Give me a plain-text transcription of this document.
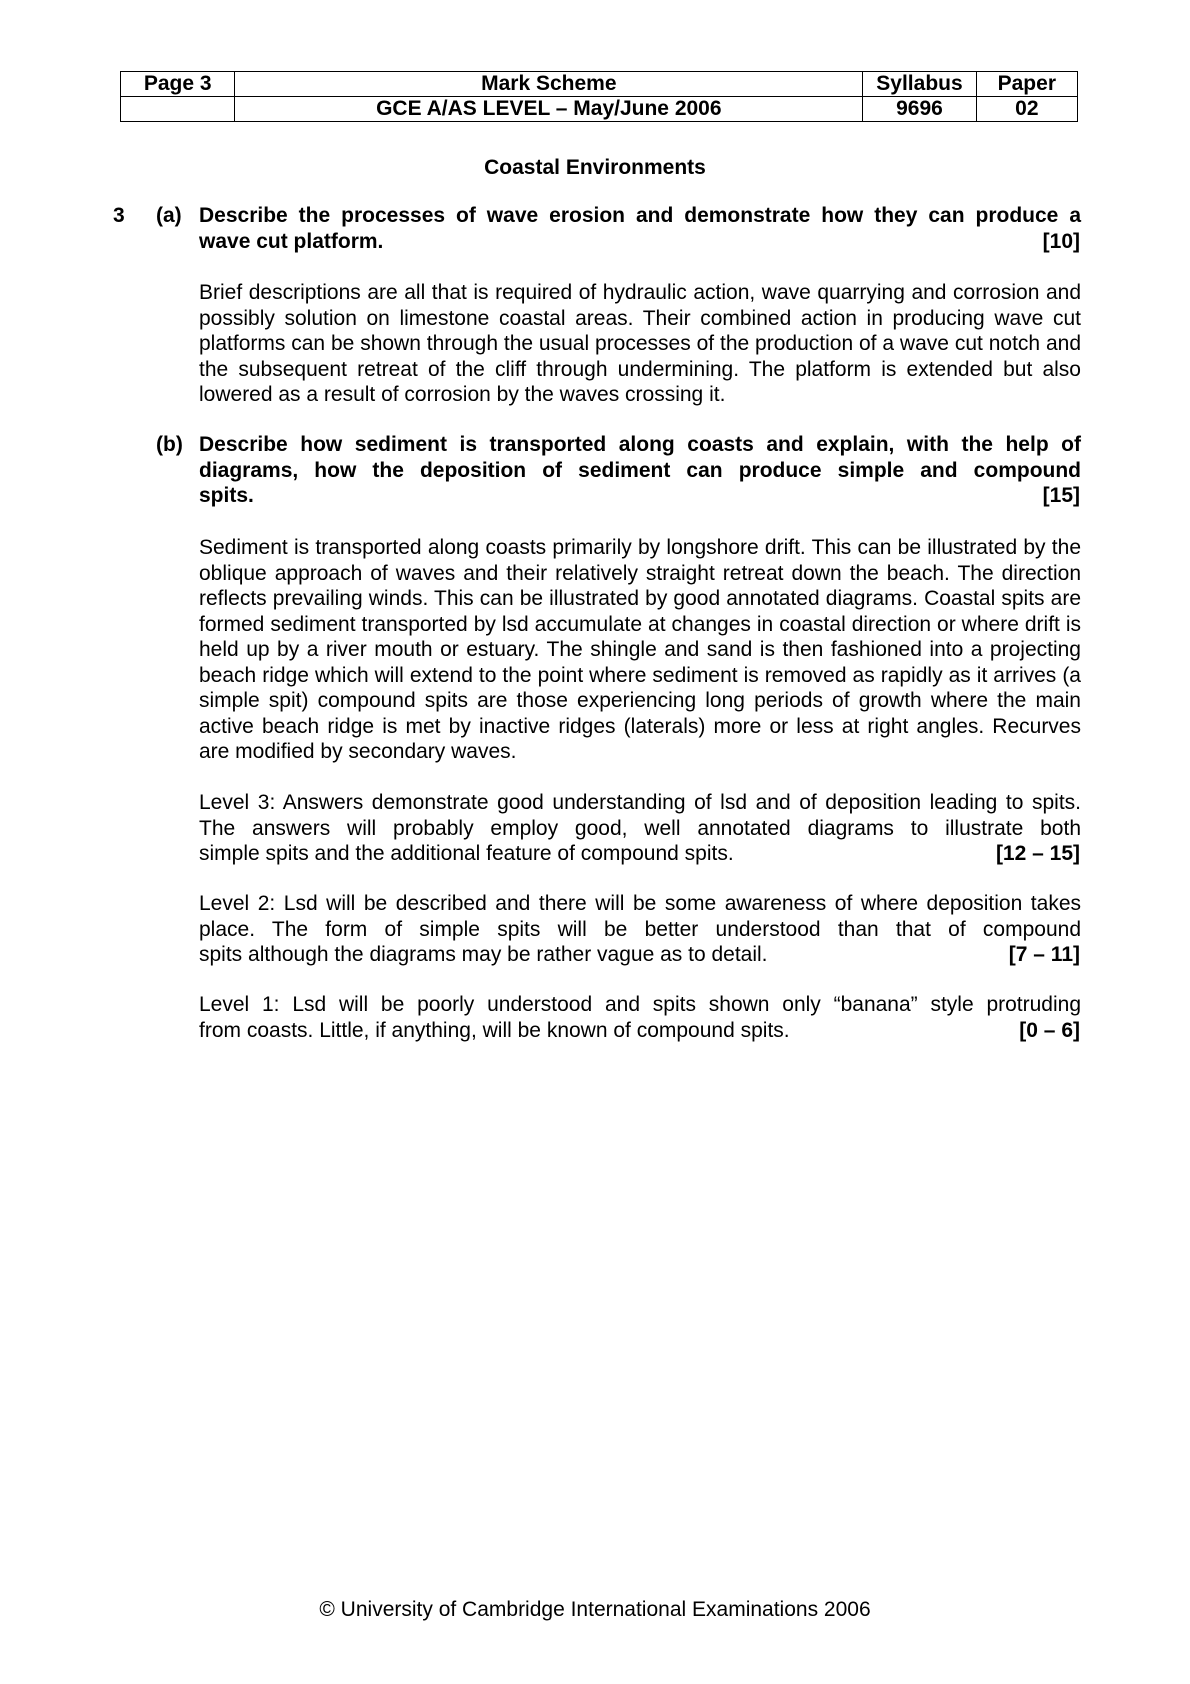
Page 3	Mark Scheme	Syllabus	Paper
	GCE A/AS LEVEL – May/June 2006	9696	02
Coastal Environments
3 (a) Describe the processes of wave erosion and demonstrate how they can produce a
wave cut platform.	[10]

Brief descriptions are all that is required of hydraulic action, wave quarrying and corrosion and possibly solution on limestone coastal areas. Their combined action in producing wave cut platforms can be shown through the usual processes of the production of a wave cut notch and the subsequent retreat of the cliff through undermining. The platform is extended but also lowered as a result of corrosion by the waves crossing it.

(b) Describe how sediment is transported along coasts and explain, with the help of diagrams, how the deposition of sediment can produce simple and compound

spits.	[15]

Sediment is transported along coasts primarily by longshore drift. This can be illustrated by the oblique approach of waves and their relatively straight retreat down the beach. The direction reflects prevailing winds. This can be illustrated by good annotated diagrams. Coastal spits are formed sediment transported by lsd accumulate at changes in coastal direction or where drift is held up by a river mouth or estuary. The shingle and sand is then fashioned into a projecting beach ridge which will extend to the point where sediment is removed as rapidly as it arrives (a simple spit) compound spits are those experiencing long periods of growth where the main active beach ridge is met by inactive ridges (laterals) more or less at right angles. Recurves are modified by secondary waves.

Level 3: Answers demonstrate good understanding of lsd and of deposition leading to spits. The answers will probably employ good, well annotated diagrams to illustrate both

simple spits and the additional feature of compound spits.	[12 – 15]

Level 2: Lsd will be described and there will be some awareness of where deposition takes place. The form of simple spits will be better understood than that of compound

spits although the diagrams may be rather vague as to detail.	[7 – 11]

Level 1: Lsd will be poorly understood and spits shown only “banana” style protruding

from coasts. Little, if anything, will be known of compound spits.	[0 – 6]
© University of Cambridge International Examinations 2006
